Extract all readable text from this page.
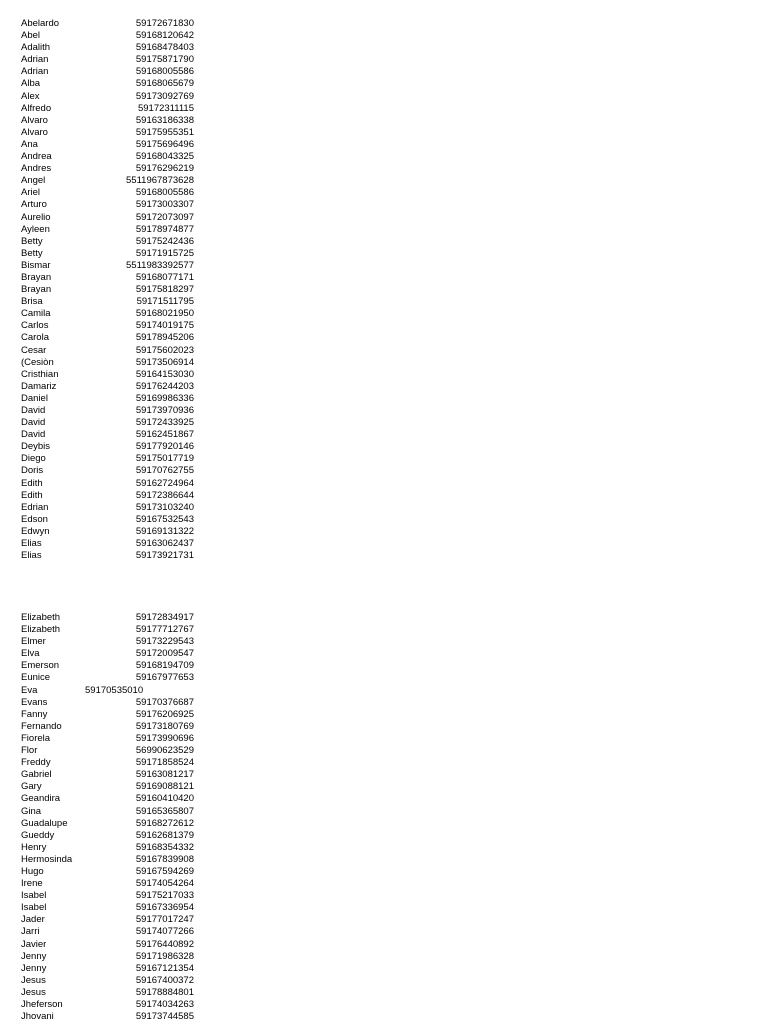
Abelardo	59172671830
Abel	59168120642
Adalith	59168478403
Adrian	59175871790
Adrian	59168005586
Alba	59168065679
Alex	59173092769
Alfredo	59172311115
Alvaro	59163186338
Alvaro	59175955351
Ana	59175696496
Andrea	59168043325
Andres	59176296219
Angel	5511967873628
Ariel	59168005586
Arturo	59173003307
Aurelio	59172073097
Ayleen	59178974877
Betty	59175242436
Betty	59171915725
Bismar	5511983392577
Brayan	59168077171
Brayan	59175818297
Brisa	59171511795
Camila	59168021950
Carlos	59174019175
Carola	59178945206
Cesar	59175602023
(Cesiòn	59173506914
Cristhian	59164153030
Damariz	59176244203
Daniel	59169986336
David	59173970936
David	59172433925
David	59162451867
Deybis	59177920146
Diego	59175017719
Doris	59170762755
Edith	59162724964
Edith	59172386644
Edrian	59173103240
Edson	59167532543
Edwyn	59169131322
Elias	59163062437
Elias	59173921731
Elizabeth	59172834917
Elizabeth	59177712767
Elmer	59173229543
Elva	59172009547
Emerson	59168194709
Eunice	59167977653
Eva	59170535010
Evans	59170376687
Fanny	59176206925
Fernando	59173180769
Fiorela	59173990696
Flor	56990623529
Freddy	59171858524
Gabriel	59163081217
Gary	59169088121
Geandira	59160410420
Gina	59165365807
Guadalupe	59168272612
Gueddy	59162681379
Henry	59168354332
Hermosinda	59167839908
Hugo	59167594269
Irene	59174054264
Isabel	59175217033
Isabel	59167336954
Jader	59177017247
Jarri	59174077266
Javier	59176440892
Jenny	59171986328
Jenny	59167121354
Jesus	59167400372
Jesus	59178884801
Jheferson	59174034263
Jhovani	59173744585
